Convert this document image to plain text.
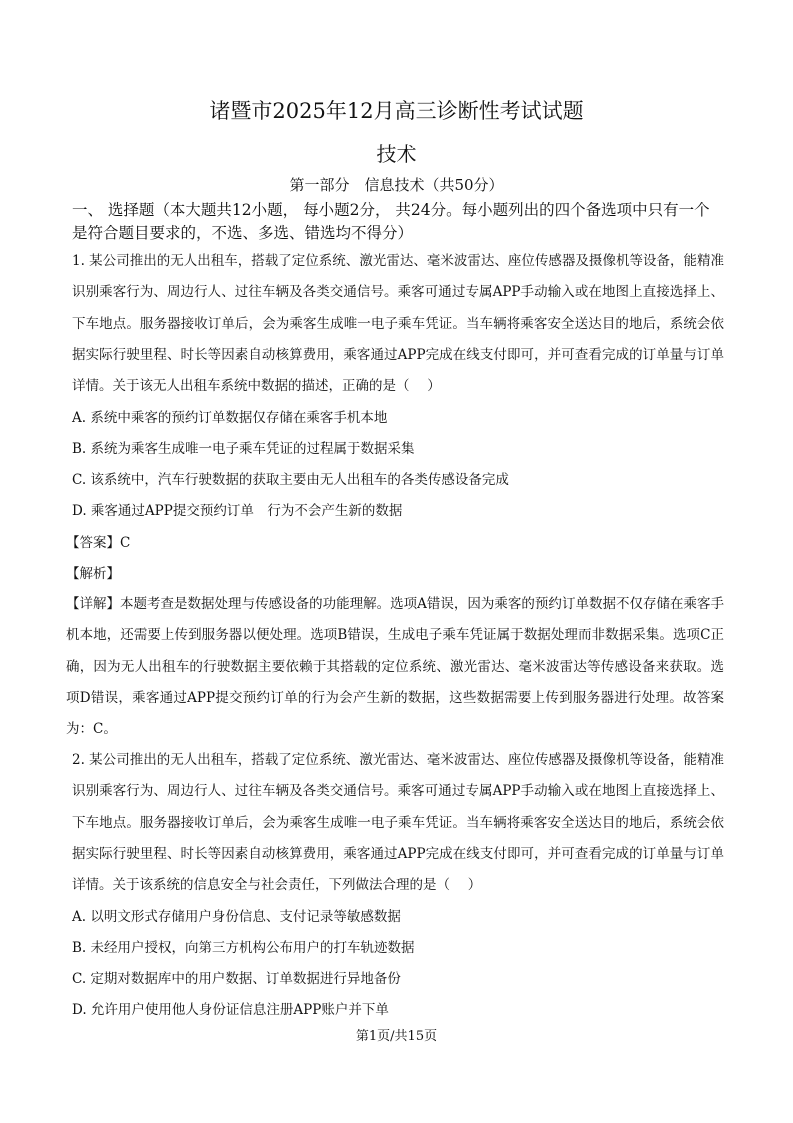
诸暨市2025年12月高三诊断性考试试题
技术
第一部分　信息技术（共50分）
一、 选择题（本大题共12小题， 每小题2分， 共24分。每小题列出的四个备选项中只有一个是符合题目要求的，不选、多选、错选均不得分）
1. 某公司推出的无人出租车，搭载了定位系统、激光雷达、毫米波雷达、座位传感器及摄像机等设备，能精准识别乘客行为、周边行人、过往车辆及各类交通信号。乘客可通过专属APP手动输入或在地图上直接选择上、下车地点。服务器接收订单后，会为乘客生成唯一电子乘车凭证。当车辆将乘客安全送达目的地后，系统会依据实际行驶里程、时长等因素自动核算费用，乘客通过APP完成在线支付即可，并可查看完成的订单量与订单详情。关于该无人出租车系统中数据的描述，正确的是（　 ）
A. 系统中乘客的预约订单数据仅存储在乘客手机本地
B. 系统为乘客生成唯一电子乘车凭证的过程属于数据采集
C. 该系统中，汽车行驶数据的获取主要由无人出租车的各类传感设备完成
D. 乘客通过APP提交预约订单　行为不会产生新的数据
【答案】C
【解析】
【详解】本题考查是数据处理与传感设备的功能理解。选项A错误，因为乘客的预约订单数据不仅存储在乘客手机本地，还需要上传到服务器以便处理。选项B错误，生成电子乘车凭证属于数据处理而非数据采集。选项C正确，因为无人出租车的行驶数据主要依赖于其搭载的定位系统、激光雷达、毫米波雷达等传感设备来获取。选项D错误，乘客通过APP提交预约订单的行为会产生新的数据，这些数据需要上传到服务器进行处理。故答案为：C。
2. 某公司推出的无人出租车，搭载了定位系统、激光雷达、毫米波雷达、座位传感器及摄像机等设备，能精准识别乘客行为、周边行人、过往车辆及各类交通信号。乘客可通过专属APP手动输入或在地图上直接选择上、下车地点。服务器接收订单后，会为乘客生成唯一电子乘车凭证。当车辆将乘客安全送达目的地后，系统会依据实际行驶里程、时长等因素自动核算费用，乘客通过APP完成在线支付即可，并可查看完成的订单量与订单详情。关于该系统的信息安全与社会责任，下列做法合理的是（　 ）
A. 以明文形式存储用户身份信息、支付记录等敏感数据
B. 未经用户授权，向第三方机构公布用户的打车轨迹数据
C. 定期对数据库中的用户数据、订单数据进行异地备份
D. 允许用户使用他人身份证信息注册APP账户并下单
第1页/共15页
